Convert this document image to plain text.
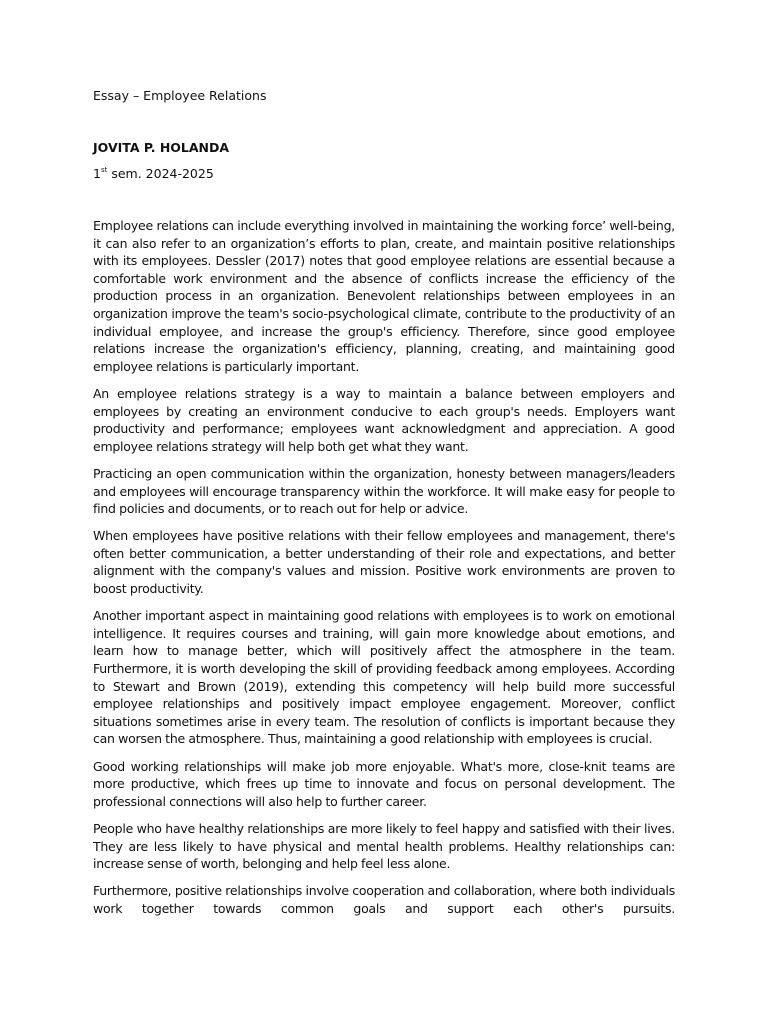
Essay – Employee Relations
JOVITA P. HOLANDA
1st sem. 2024-2025

Employee relations can include everything involved in maintaining the working force’ well-being, it can also refer to an organization’s efforts to plan, create, and maintain positive relationships with its employees. Dessler (2017) notes that good employee relations are essential because a comfortable work environment and the absence of conflicts increase the efficiency of the production process in an organization. Benevolent relationships between employees in an organization improve the team's socio-psychological climate, contribute to the productivity of an individual employee, and increase the group's efficiency. Therefore, since good employee relations increase the organization's efficiency, planning, creating, and maintaining good employee relations is particularly important.

An employee relations strategy is a way to maintain a balance between employers and employees by creating an environment conducive to each group's needs. Employers want productivity and performance; employees want acknowledgment and appreciation. A good employee relations strategy will help both get what they want.

Practicing an open communication within the organization, honesty between managers/leaders and employees will encourage transparency within the workforce. It will make easy for people to find policies and documents, or to reach out for help or advice.

When employees have positive relations with their fellow employees and management, there's often better communication, a better understanding of their role and expectations, and better alignment with the company's values and mission. Positive work environments are proven to boost productivity.

Another important aspect in maintaining good relations with employees is to work on emotional intelligence. It requires courses and training, will gain more knowledge about emotions, and learn how to manage better, which will positively affect the atmosphere in the team. Furthermore, it is worth developing the skill of providing feedback among employees. According to Stewart and Brown (2019), extending this competency will help build more successful employee relationships and positively impact employee engagement. Moreover, conflict situations sometimes arise in every team. The resolution of conflicts is important because they can worsen the atmosphere. Thus, maintaining a good relationship with employees is crucial.

Good working relationships will make job more enjoyable. What's more, close-knit teams are more productive, which frees up time to innovate and focus on personal development. The professional connections will also help to further career.

People who have healthy relationships are more likely to feel happy and satisfied with their lives. They are less likely to have physical and mental health problems. Healthy relationships can: increase sense of worth, belonging and help feel less alone.

Furthermore, positive relationships involve cooperation and collaboration, where both individuals work together towards common goals and support each other's pursuits.
